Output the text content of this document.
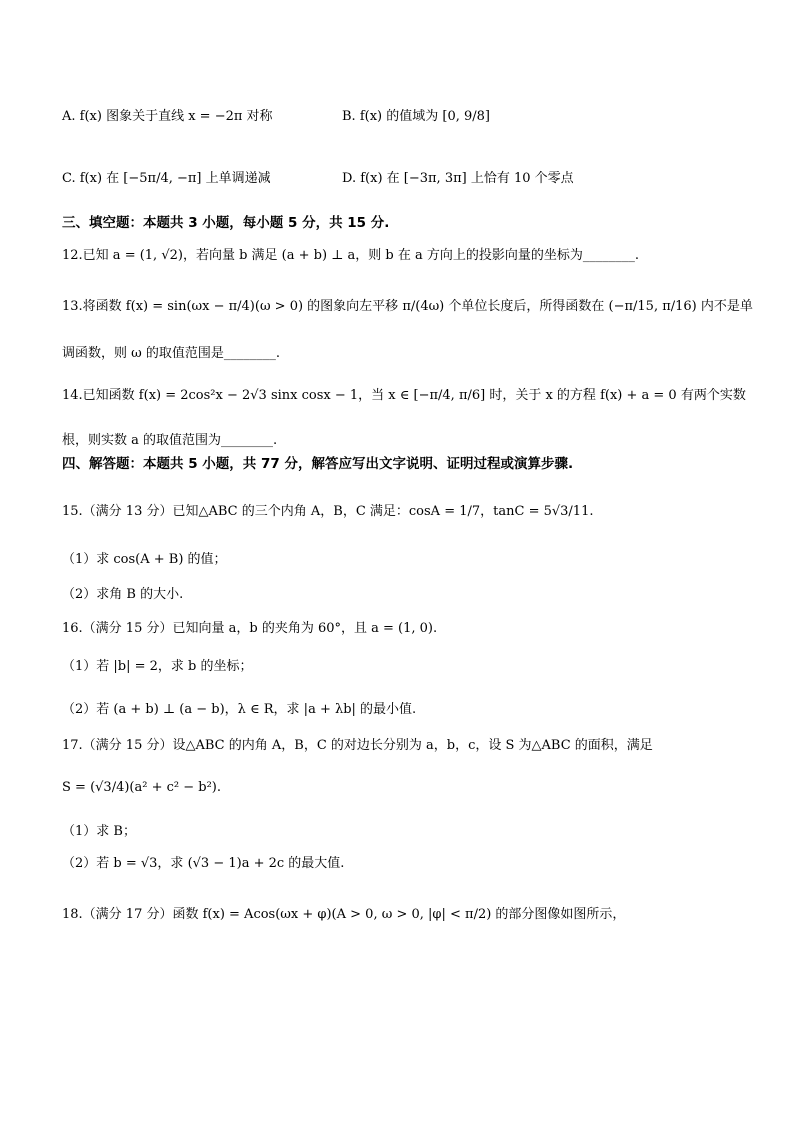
A. f(x) 图象关于直线 x = −2π 对称	B. f(x) 的值域为 [0, 9/8]
C. f(x) 在 [−5π/4, −π] 上单调递减	D. f(x) 在 [−3π, 3π] 上恰有 10 个零点
三、填空题：本题共 3 小题，每小题 5 分，共 15 分.
12.已知 a = (1, √2)，若向量 b 满足 (a + b) ⊥ a，则 b 在 a 方向上的投影向量的坐标为________.
13.将函数 f(x) = sin(ωx − π/4)(ω > 0) 的图象向左平移 π/(4ω) 个单位长度后，所得函数在 (−π/15, π/16) 内不是单
调函数，则 ω 的取值范围是________.
14.已知函数 f(x) = 2cos²x − 2√3 sinx cosx − 1，当 x ∈ [−π/4, π/6] 时，关于 x 的方程 f(x) + a = 0 有两个实数
根，则实数 a 的取值范围为________.
四、解答题：本题共 5 小题，共 77 分，解答应写出文字说明、证明过程或演算步骤.
15.（满分 13 分）已知△ABC 的三个内角 A，B，C 满足：cosA = 1/7，tanC = 5√3/11.
（1）求 cos(A + B) 的值；
（2）求角 B 的大小.
16.（满分 15 分）已知向量 a，b 的夹角为 60°，且 a = (1, 0).
（1）若 |b| = 2，求 b 的坐标；
（2）若 (a + b) ⊥ (a − b)，λ ∈ R，求 |a + λb| 的最小值.
17.（满分 15 分）设△ABC 的内角 A，B，C 的对边长分别为 a，b，c，设 S 为△ABC 的面积，满足
S = (√3/4)(a² + c² − b²).
（1）求 B；
（2）若 b = √3，求 (√3 − 1)a + 2c 的最大值.
18.（满分 17 分）函数 f(x) = Acos(ωx + φ)(A > 0, ω > 0, |φ| < π/2) 的部分图像如图所示，
